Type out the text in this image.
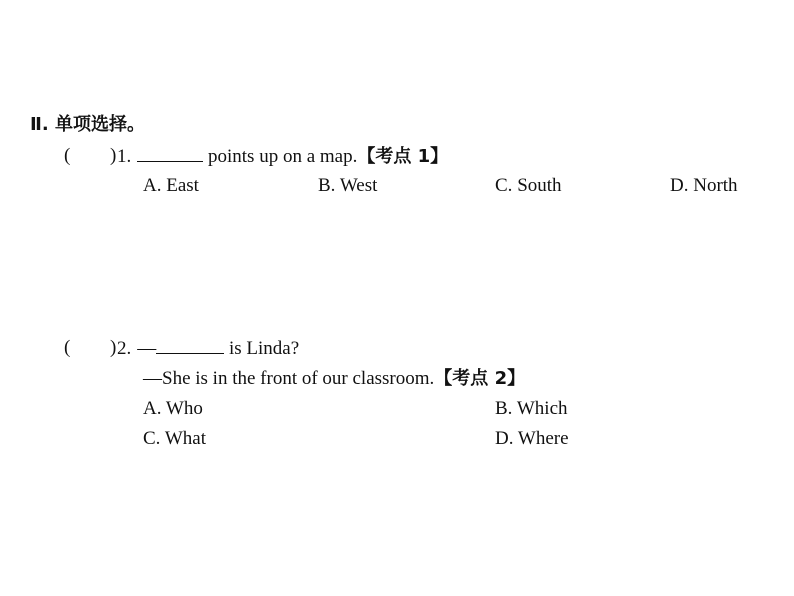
Ⅱ. 单项选择。
( ) 1.	points up on a map.【考点 1】
A. East	B. West	C. South	D. North
( ) 2. —	is Linda?
—She is in the front of our classroom.【考点 2】
A. Who	B. Which
C. What	D. Where
